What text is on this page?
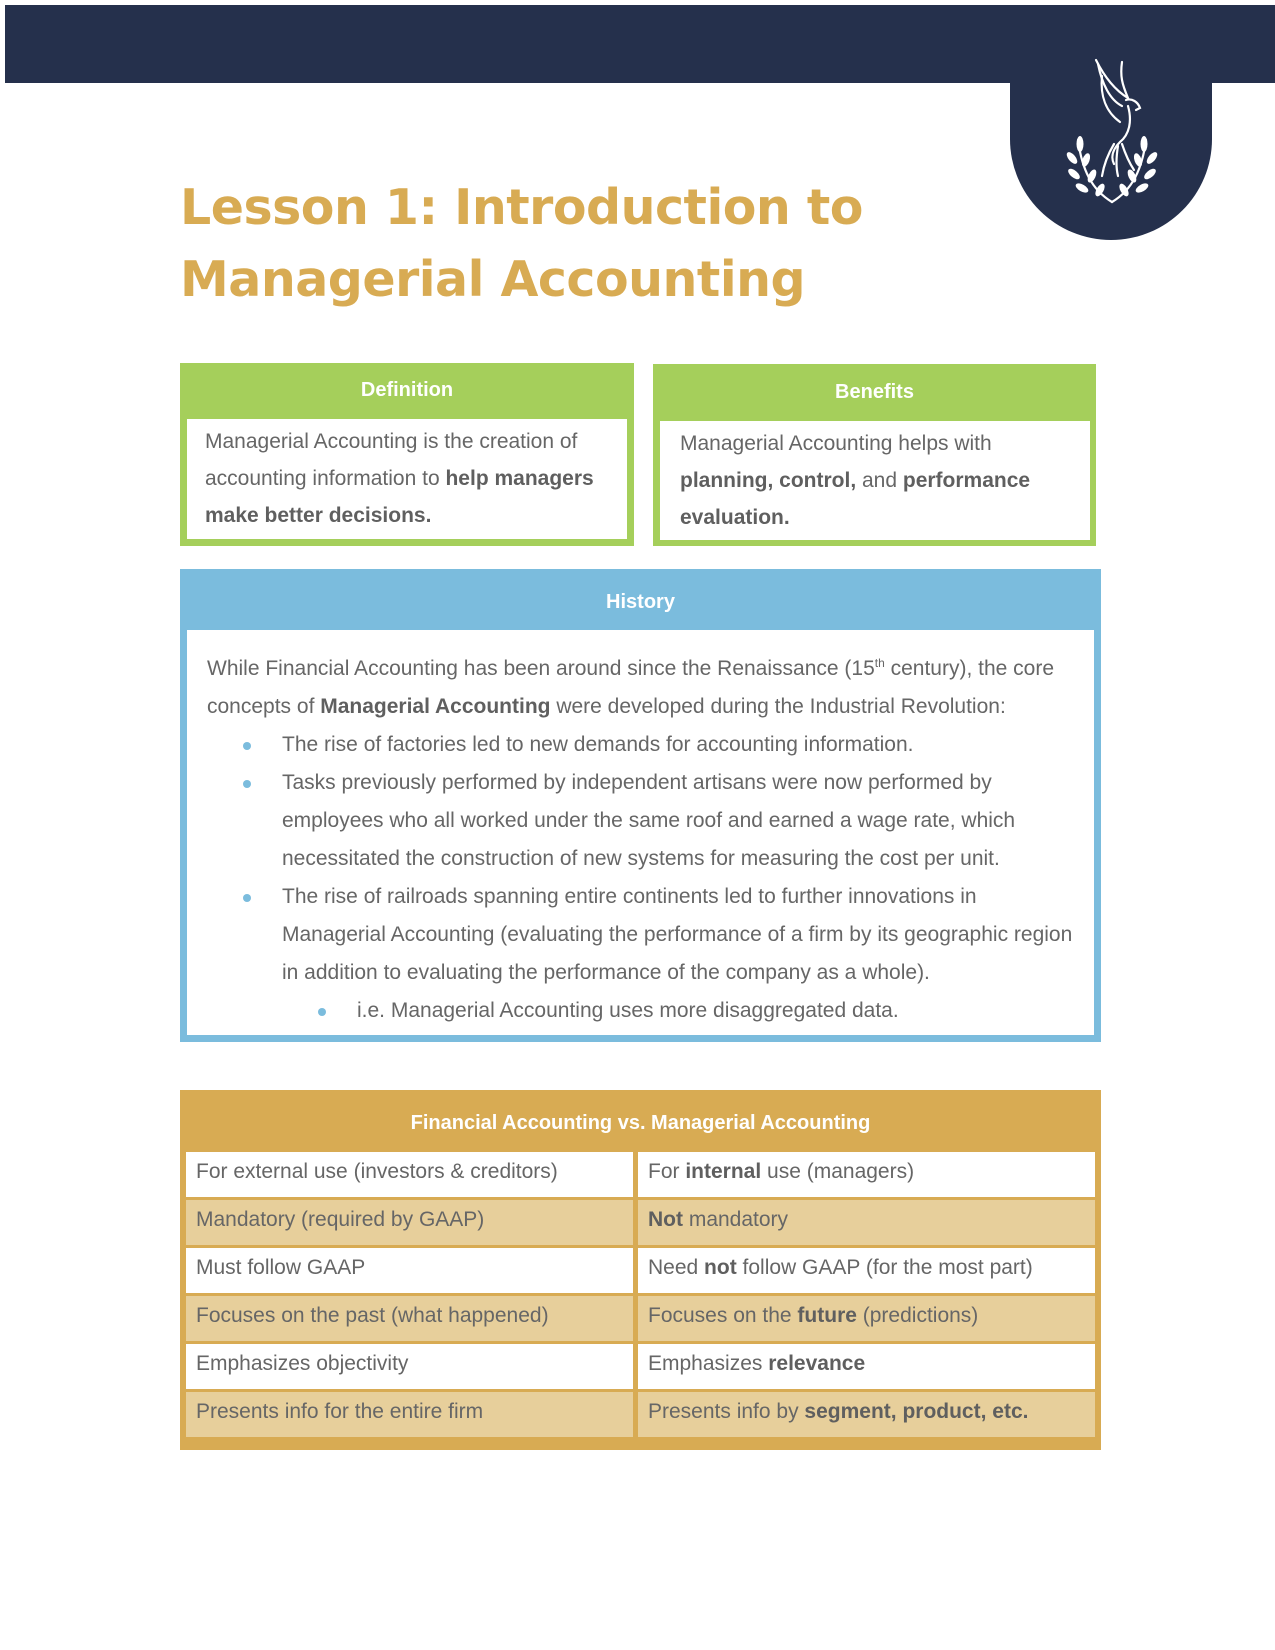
Lesson 1: Introduction to
Managerial Accounting
Definition
Managerial Accounting is the creation of accounting information to help managers make better decisions.
Benefits
Managerial Accounting helps with planning, control, and performance evaluation.
History

While Financial Accounting has been around since the Renaissance (15th century), the core concepts of Managerial Accounting were developed during the Industrial Revolution:

The rise of factories led to new demands for accounting information.
Tasks previously performed by independent artisans were now performed by employees who all worked under the same roof and earned a wage rate, which necessitated the construction of new systems for measuring the cost per unit.
The rise of railroads spanning entire continents led to further innovations in Managerial Accounting (evaluating the performance of a firm by its geographic region in addition to evaluating the performance of the company as a whole).
i.e. Managerial Accounting uses more disaggregated data.
Financial Accounting vs. Managerial Accounting
For external use (investors & creditors)	For internal use (managers)
Mandatory (required by GAAP)	Not mandatory
Must follow GAAP	Need not follow GAAP (for the most part)
Focuses on the past (what happened)	Focuses on the future (predictions)
Emphasizes objectivity	Emphasizes relevance
Presents info for the entire firm	Presents info by segment, product, etc.
